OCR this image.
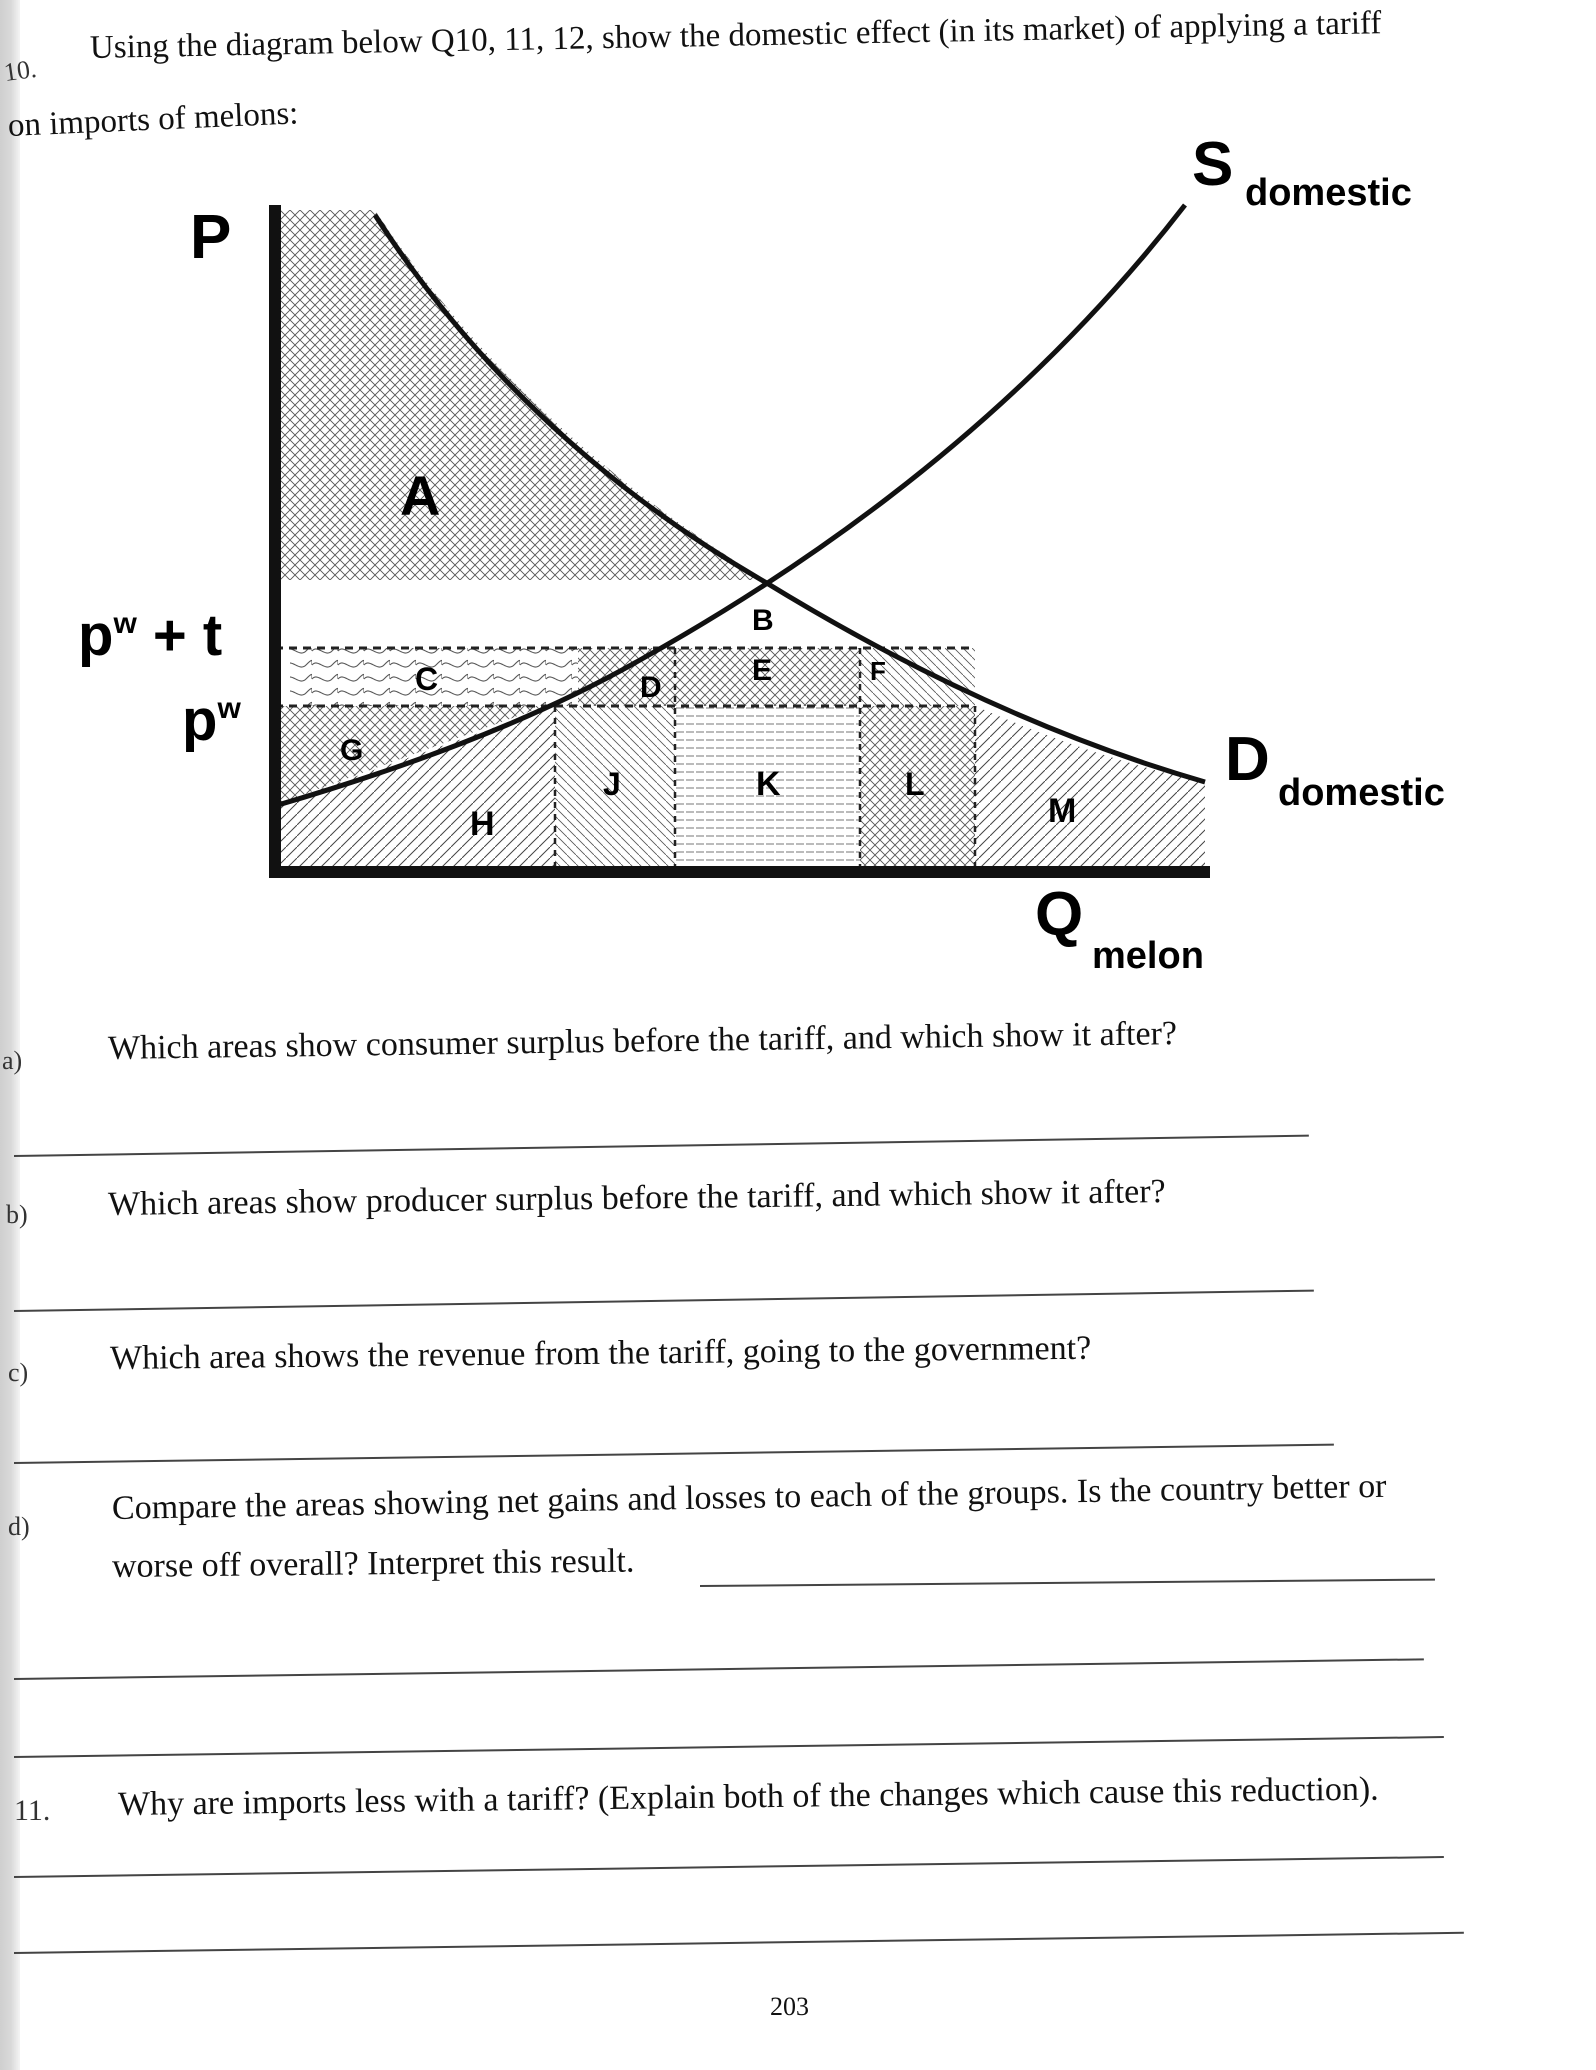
10.
a)
b)
c)
d)
11.
Using the diagram below Q10, 11, 12, show the domestic effect (in its market) of applying a tariff
on imports of melons:
P
Q
melon
S domestic
D domestic
$p^w + t$
$p^w$
A
B
C	D
E	F
G
H
J	K	L
M
Which areas show consumer surplus before the tariff, and which show it after?
Which areas show producer surplus before the tariff, and which show it after?
Which area shows the revenue from the tariff, going to the government?
Compare the areas showing net gains and losses to each of the groups. Is the country better or
worse off overall? Interpret this result.
Why are imports less with a tariff? (Explain both of the changes which cause this reduction).
203
